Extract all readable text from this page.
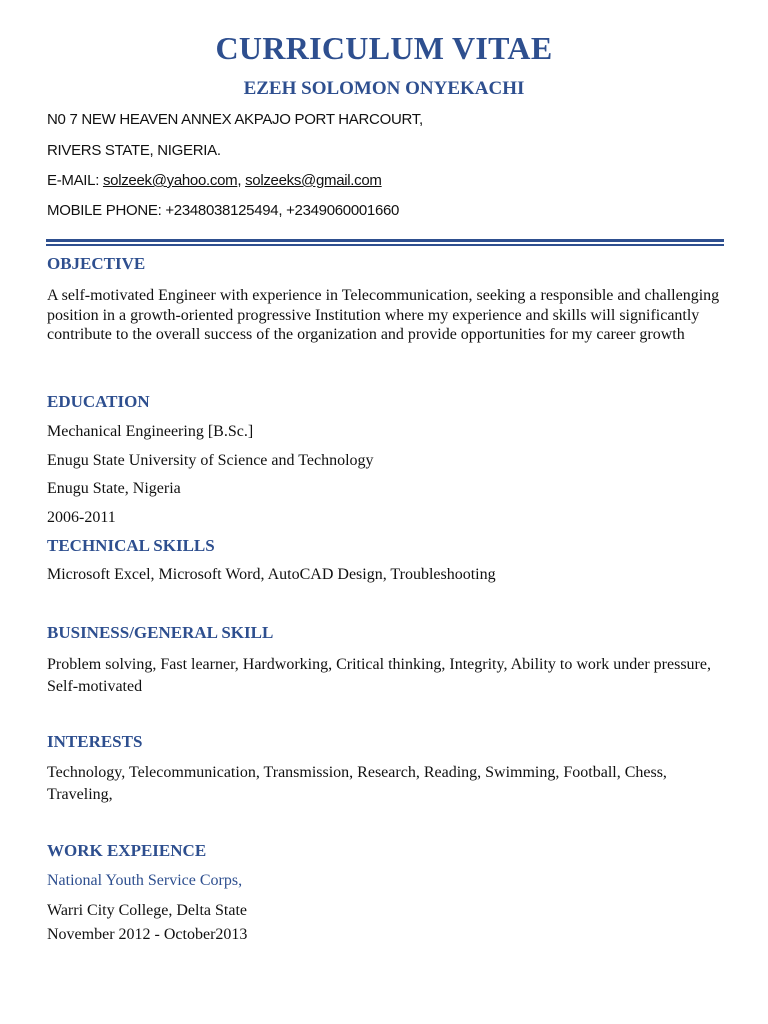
CURRICULUM VITAE
EZEH SOLOMON ONYEKACHI
N0 7 NEW HEAVEN ANNEX AKPAJO PORT HARCOURT,
RIVERS STATE, NIGERIA.
E-MAIL: solzeek@yahoo.com, solzeeks@gmail.com
MOBILE PHONE: +2348038125494, +2349060001660
OBJECTIVE
A self-motivated Engineer with experience in Telecommunication, seeking a responsible and challenging position in a growth-oriented progressive Institution where my experience and skills will significantly contribute to the overall success of the organization and provide opportunities for my career growth
EDUCATION
Mechanical Engineering [B.Sc.]
Enugu State University of Science and Technology
Enugu State, Nigeria
2006-2011
TECHNICAL SKILLS
Microsoft Excel, Microsoft Word, AutoCAD Design, Troubleshooting
BUSINESS/GENERAL SKILL
Problem solving, Fast learner, Hardworking, Critical thinking, Integrity, Ability to work under pressure, Self-motivated
INTERESTS
Technology, Telecommunication, Transmission, Research, Reading, Swimming, Football, Chess, Traveling,
WORK EXPEIENCE
National Youth Service Corps,
Warri City College, Delta State
November 2012 - October2013
